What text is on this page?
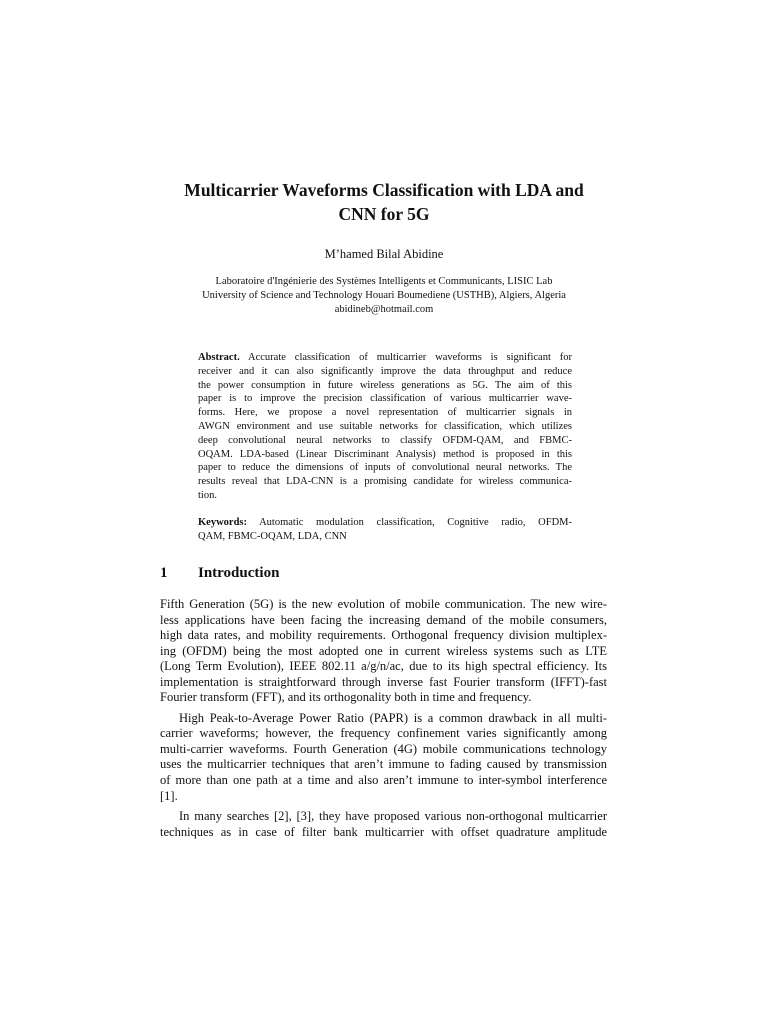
Multicarrier Waveforms Classification with LDA and
CNN for 5G
M’hamed Bilal Abidine
Laboratoire d'Ingénierie des Systèmes Intelligents et Communicants, LISIC Lab
University of Science and Technology Houari Boumediene (USTHB), Algiers, Algeria
abidineb@hotmail.com
Abstract. Accurate classification of multicarrier waveforms is significant for
receiver and it can also significantly improve the data throughput and reduce
the power consumption in future wireless generations as 5G. The aim of this
paper is to improve the precision classification of various multicarrier wave-
forms. Here, we propose a novel representation of multicarrier signals in
AWGN environment and use suitable networks for classification, which utilizes
deep convolutional neural networks to classify OFDM-QAM, and FBMC-
OQAM. LDA-based (Linear Discriminant Analysis) method is proposed in this
paper to reduce the dimensions of inputs of convolutional neural networks. The
results reveal that LDA-CNN is a promising candidate for wireless communica-
tion.
Keywords: Automatic modulation classification, Cognitive radio, OFDM-
QAM, FBMC-OQAM, LDA, CNN
1 Introduction
Fifth Generation (5G) is the new evolution of mobile communication. The new wire-
less applications have been facing the increasing demand of the mobile consumers,
high data rates, and mobility requirements. Orthogonal frequency division multiplex-
ing (OFDM) being the most adopted one in current wireless systems such as LTE
(Long Term Evolution), IEEE 802.11 a/g/n/ac, due to its high spectral efficiency. Its
implementation is straightforward through inverse fast Fourier transform (IFFT)-fast
Fourier transform (FFT), and its orthogonality both in time and frequency.
High Peak-to-Average Power Ratio (PAPR) is a common drawback in all multi-
carrier waveforms; however, the frequency confinement varies significantly among
multi-carrier waveforms. Fourth Generation (4G) mobile communications technology
uses the multicarrier techniques that aren’t immune to fading caused by transmission
of more than one path at a time and also aren’t immune to inter-symbol interference
[1].
In many searches [2], [3], they have proposed various non-orthogonal multicarrier
techniques as in case of filter bank multicarrier with offset quadrature amplitude
